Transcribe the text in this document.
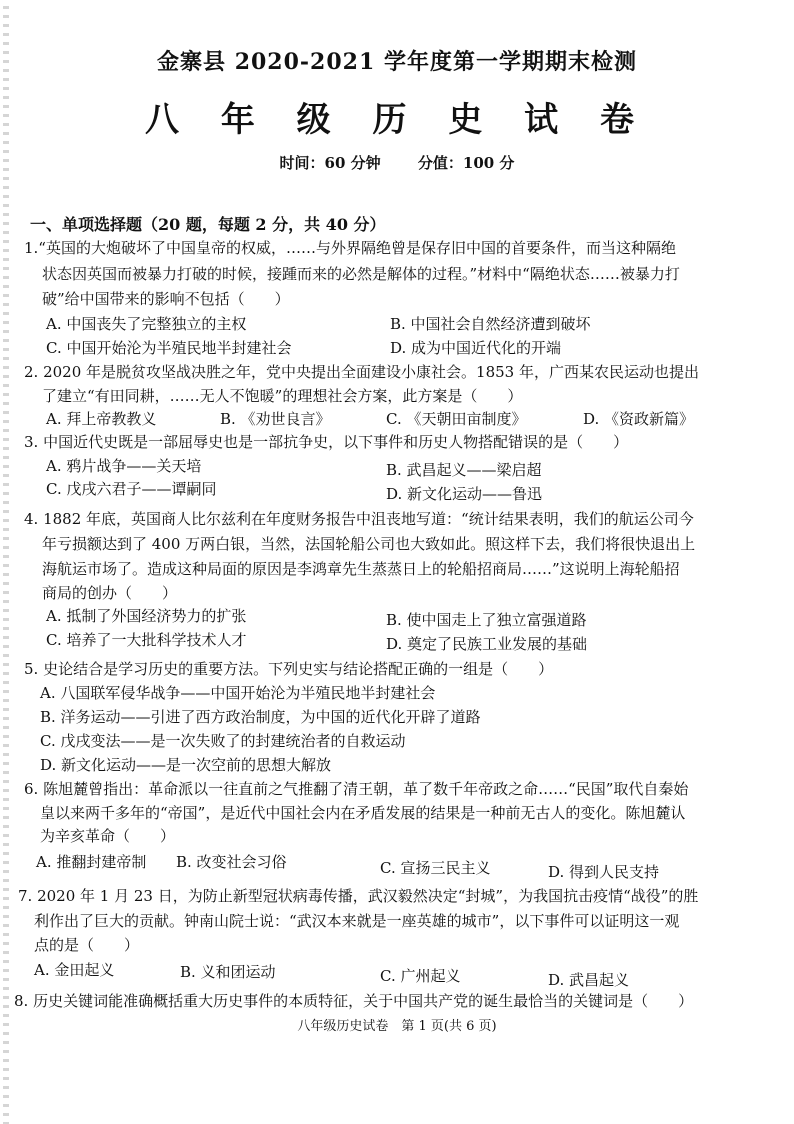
金寨县 2020-2021 学年度第一学期期末检测
八 年 级 历 史 试 卷
时间：60 分钟 分值：100 分
一、单项选择题（20 题，每题 2 分，共 40 分）
1.“英国的大炮破坏了中国皇帝的权威，……与外界隔绝曾是保存旧中国的首要条件，而当这种隔绝
状态因英国而被暴力打破的时候，接踵而来的必然是解体的过程。”材料中“隔绝状态……被暴力打
破”给中国带来的影响不包括（　　）
A. 中国丧失了完整独立的主权	B. 中国社会自然经济遭到破坏
C. 中国开始沦为半殖民地半封建社会	D. 成为中国近代化的开端
2. 2020 年是脱贫攻坚战决胜之年，党中央提出全面建设小康社会。1853 年，广西某农民运动也提出
了建立“有田同耕，……无人不饱暖”的理想社会方案，此方案是（　　）
A. 拜上帝教教义	B. 《劝世良言》	C. 《天朝田亩制度》	D. 《资政新篇》
3. 中国近代史既是一部屈辱史也是一部抗争史，以下事件和历史人物搭配错误的是（　　）
A. 鸦片战争——关天培	B. 武昌起义——梁启超
C. 戊戌六君子——谭嗣同	D. 新文化运动——鲁迅
4. 1882 年底，英国商人比尔兹利在年度财务报告中沮丧地写道：“统计结果表明，我们的航运公司今
年亏损额达到了 400 万两白银，当然，法国轮船公司也大致如此。照这样下去，我们将很快退出上
海航运市场了。造成这种局面的原因是李鸿章先生蒸蒸日上的轮船招商局……”这说明上海轮船招
商局的创办（　　）
A. 抵制了外国经济势力的扩张	B. 使中国走上了独立富强道路
C. 培养了一大批科学技术人才	D. 奠定了民族工业发展的基础
5. 史论结合是学习历史的重要方法。下列史实与结论搭配正确的一组是（　　）
A. 八国联军侵华战争——中国开始沦为半殖民地半封建社会
B. 洋务运动——引进了西方政治制度，为中国的近代化开辟了道路
C. 戊戌变法——是一次失败了的封建统治者的自救运动
D. 新文化运动——是一次空前的思想大解放
6. 陈旭麓曾指出：革命派以一往直前之气推翻了清王朝，革了数千年帝政之命……“民国”取代自秦始
皇以来两千多年的“帝国”，是近代中国社会内在矛盾发展的结果是一种前无古人的变化。陈旭麓认
为辛亥革命（　　）
A. 推翻封建帝制 B. 改变社会习俗	C. 宣扬三民主义	D. 得到人民支持
7. 2020 年 1 月 23 日，为防止新型冠状病毒传播，武汉毅然决定“封城”，为我国抗击疫情“战役”的胜
利作出了巨大的贡献。钟南山院士说：“武汉本来就是一座英雄的城市”，以下事件可以证明这一观
点的是（　　）
A. 金田起义	B. 义和团运动	C. 广州起义	D. 武昌起义
8. 历史关键词能准确概括重大历史事件的本质特征，关于中国共产党的诞生最恰当的关键词是（　　）
八年级历史试卷　第 1 页(共 6 页)
